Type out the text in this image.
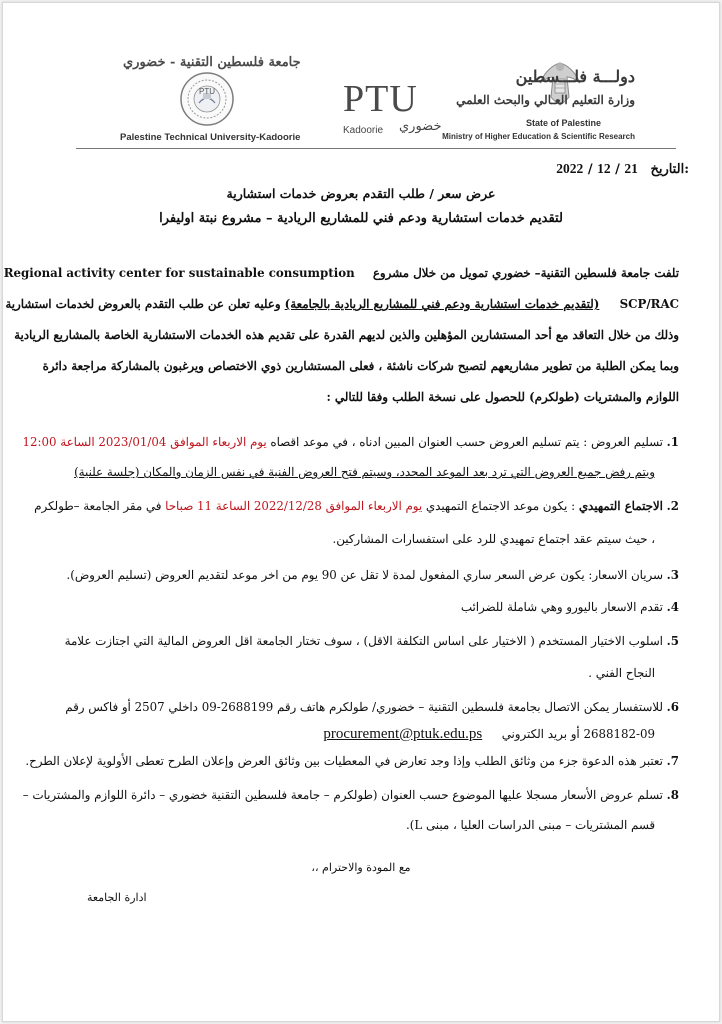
دولـــة فلـــسطين
وزارة التعليم العـالي والبحث العلمي
State of Palestine
Ministry of Higher Education & Scientific Research
PTU
Kadoorie خضوري
جامعة فلسطين التقنية - خضوري
PTU
Palestine Technical University-Kadoorie
2022 / 12 / 21 التاريخ:
عرض سعر / طلب التقدم بعروض خدمات استشارية
لتقديم خدمات استشارية ودعم فني للمشاريع الريادية – مشروع نبتة اوليفرا
تلفت جامعة فلسطين التقنية– خضوري تمويل من خلال مشروع  Regional activity center for sustainable consumption
SCP/RAC  (لتقديم خدمات استشارية ودعم فني للمشاريع الريادية بالجامعة) وعليه تعلن عن طلب التقدم بالعروض لخدمات استشارية
وذلك من خلال التعاقد مع أحد المستشارين المؤهلين والذين لديهم القدرة على تقديم هذه الخدمات الاستشارية الخاصة بالمشاريع الريادية
وبما يمكن الطلبة من تطوير مشاريعهم لتصبح شركات ناشئة ، فعلى المستشارين ذوي الاختصاص ويرغبون بالمشاركة مراجعة دائرة
اللوازم والمشتريات (طولكرم) للحصول على نسخة الطلب وفقا للتالي :
1. تسليم العروض : يتم تسليم العروض حسب العنوان المبين ادناه ، في موعد اقصاه يوم الاربعاء الموافق 2023/01/04 الساعة 12:00
ويتم رفض جميع العروض التي ترد بعد الموعد المحدد، وسيتم فتح العروض الفنية في نفس الزمان والمكان (جلسة علنية)
2. الاجتماع التمهيدي : يكون موعد الاجتماع التمهيدي يوم الاربعاء الموافق 2022/12/28 الساعة 11 صباحا في مقر الجامعة –طولكرم
، حيث سيتم عقد اجتماع تمهيدي للرد على استفسارات المشاركين.
3. سريان الاسعار: يكون عرض السعر ساري المفعول لمدة لا تقل عن 90 يوم من اخر موعد لتقديم العروض (تسليم العروض).
4. تقدم الاسعار باليورو وهي شاملة للضرائب
5. اسلوب الاختيار المستخدم ( الاختيار على اساس التكلفة الاقل) ، سوف تختار الجامعة اقل العروض المالية التي اجتازت علامة
النجاح الفني .
6. للاستفسار يمكن الاتصال بجامعة فلسطين التقنية – خضوري/ طولكرم هاتف رقم 2688199-09 داخلي 2507 أو فاكس رقم
2688182-09 أو بريد الكتروني  procurement@ptuk.edu.ps
7. تعتبر هذه الدعوة جزء من وثائق الطلب وإذا وجد تعارض في المعطيات بين وثائق العرض وإعلان الطرح تعطى الأولوية لإعلان الطرح.
8. تسلم عروض الأسعار مسجلا عليها الموضوع حسب العنوان (طولكرم – جامعة فلسطين التقنية خضوري – دائرة اللوازم والمشتريات –
قسم المشتريات – مبنى الدراسات العليا ، مبنى L).
مع المودة والاحترام ،،
ادارة الجامعة
